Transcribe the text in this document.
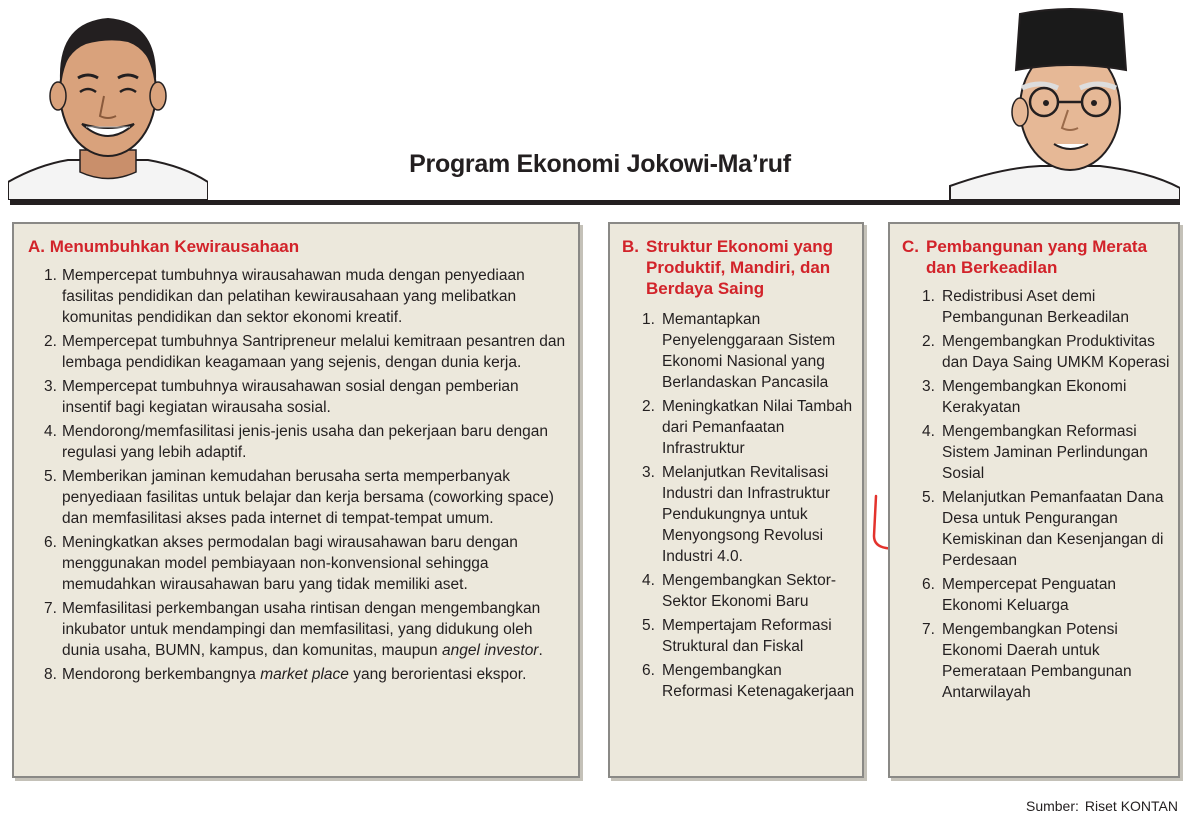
Program Ekonomi Jokowi-Ma’ruf
A. Menumbuhkan Kewirausahaan
1. Mempercepat tumbuhnya wirausahawan muda dengan penyediaan fasilitas pendidikan dan pelatihan kewirausahaan yang melibatkan komunitas pendidikan dan sektor ekonomi kreatif.
2. Mempercepat tumbuhnya Santripreneur melalui kemitraan pesantren dan lembaga pendidikan keagamaan yang sejenis, dengan dunia kerja.
3. Mempercepat tumbuhnya wirausahawan sosial dengan pemberian insentif bagi kegiatan wirausaha sosial.
4. Mendorong/memfasilitasi jenis-jenis usaha dan pekerjaan baru dengan regulasi yang lebih adaptif.
5. Memberikan jaminan kemudahan berusaha serta memperbanyak penyediaan fasilitas untuk belajar dan kerja bersama (coworking space) dan memfasilitasi akses pada internet di tempat-tempat umum.
6. Meningkatkan akses permodalan bagi wirausahawan baru dengan menggunakan model pembiayaan non-konvensional sehingga memudahkan wirausahawan baru yang tidak memiliki aset.
7. Memfasilitasi perkembangan usaha rintisan dengan mengembangkan inkubator untuk mendampingi dan memfasilitasi, yang didukung oleh dunia usaha, BUMN, kampus, dan komunitas, maupun angel investor.
8. Mendorong berkembangnya market place yang berorientasi ekspor.
B. Struktur Ekonomi yang Produktif, Mandiri, dan Berdaya Saing
1. Memantapkan Penyelenggaraan Sistem Ekonomi Nasional yang Berlandaskan Pancasila
2. Meningkatkan Nilai Tambah dari Pemanfaatan Infrastruktur
3. Melanjutkan Revitalisasi Industri dan Infrastruktur Pendukungnya untuk Menyongsong Revolusi Industri 4.0.
4. Mengembangkan Sektor-Sektor Ekonomi Baru
5. Mempertajam Reformasi Struktural dan Fiskal
6. Mengembangkan Reformasi Ketenagakerjaan
C. Pembangunan yang Merata dan Berkeadilan
1. Redistribusi Aset demi Pembangunan Berkeadilan
2. Mengembangkan Produktivitas dan Daya Saing UMKM Koperasi
3. Mengembangkan Ekonomi Kerakyatan
4. Mengembangkan Reformasi Sistem Jaminan Perlindungan Sosial
5. Melanjutkan Pemanfaatan Dana Desa untuk Pengurangan Kemiskinan dan Kesenjangan di Perdesaan
6. Mempercepat Penguatan Ekonomi Keluarga
7. Mengembangkan Potensi Ekonomi Daerah untuk Pemerataan Pembangunan Antarwilayah
Sumber: Riset KONTAN
